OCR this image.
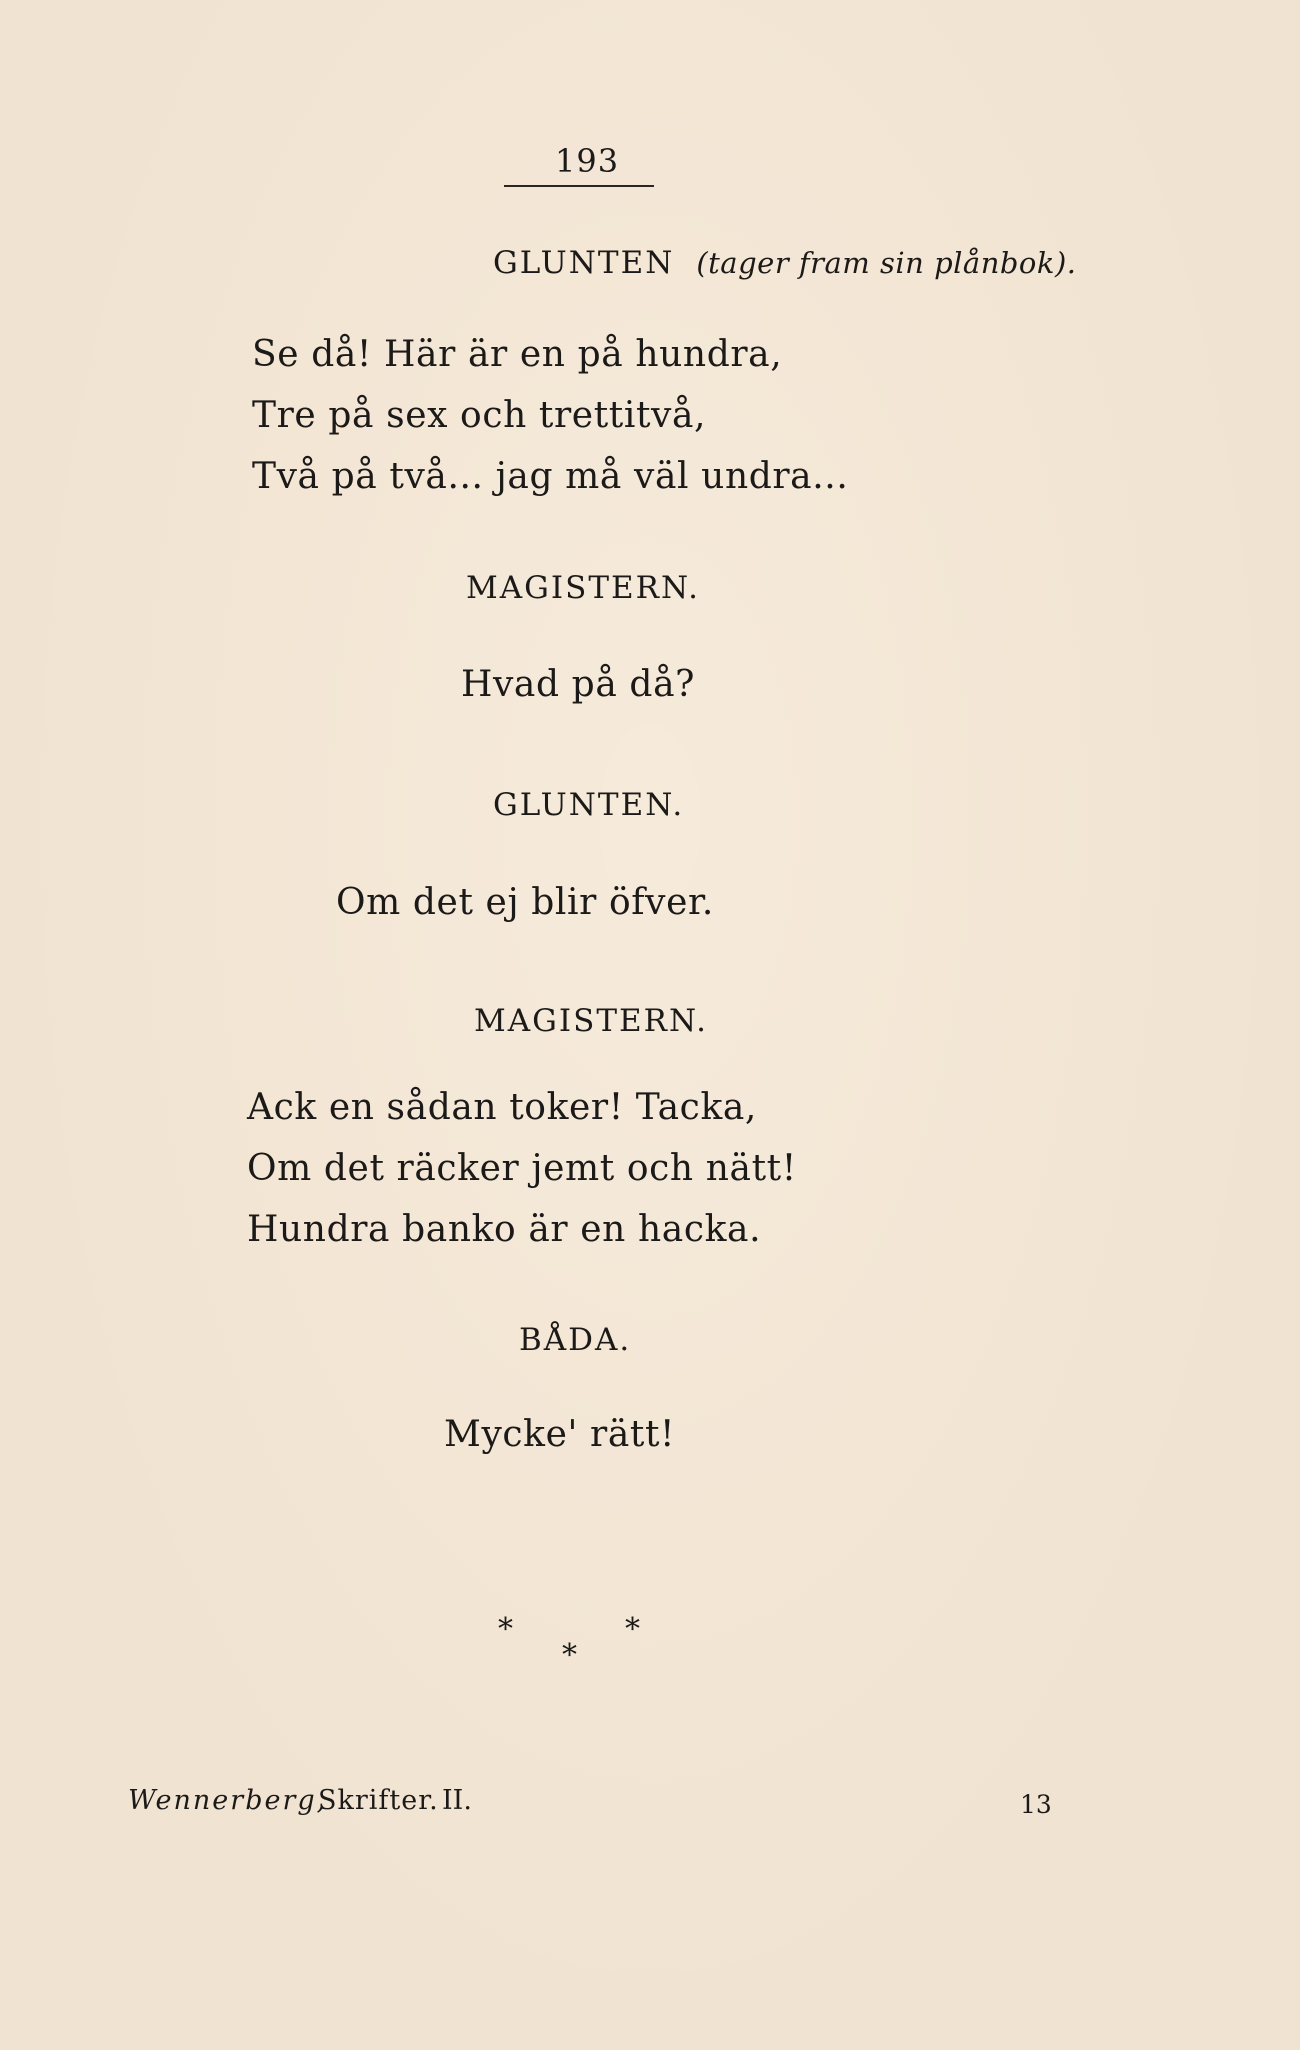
193
GLUNTEN (tager fram sin plånbok).
Se då! Här är en på hundra,
Tre på sex och trettitvå,
Två på två... jag må väl undra...
MAGISTERN.
Hvad på då?
GLUNTEN.
Om det ej blir öfver.
MAGISTERN.
Ack en sådan toker! Tacka,
Om det räcker jemt och nätt!
Hundra banko är en hacka.
BÅDA.
Mycke' rätt!
*	*
*
Wennerberg,
Skrifter. II.	13
